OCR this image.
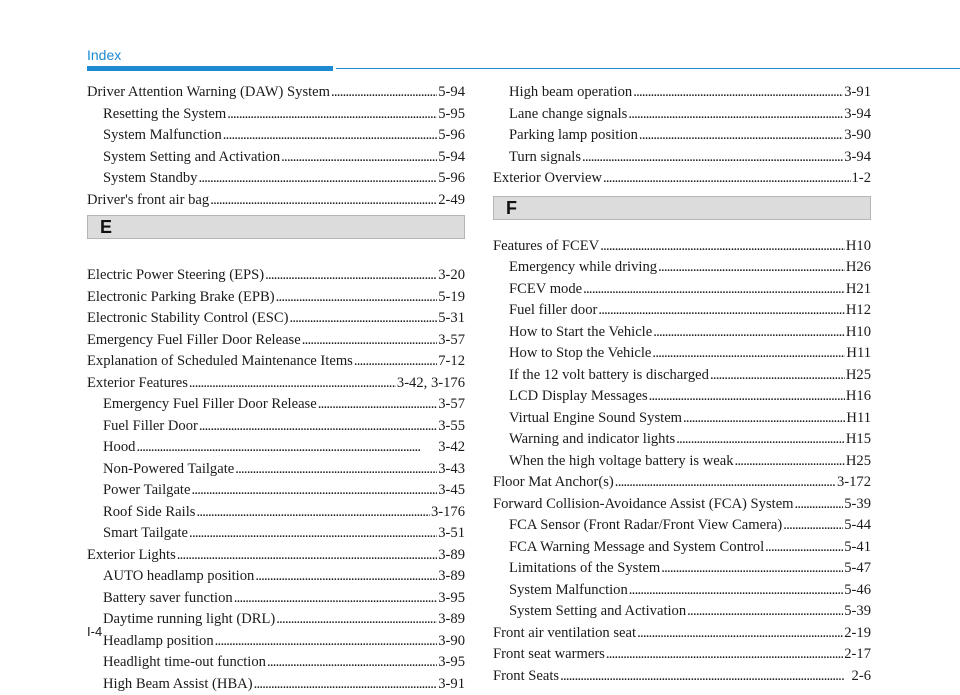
Index
Driver Attention Warning (DAW) System . . .	5-94
Resetting the System . . .	5-95
System Malfunction . . .	5-96
System Setting and Activation . . .	5-94
System Standby . . .	5-96
Driver's front air bag . . .	2-49
E
Electric Power Steering (EPS) . . .	3-20
Electronic Parking Brake (EPB) . . .	5-19
Electronic Stability Control (ESC) . . .	5-31
Emergency Fuel Filler Door Release . . .	3-57
Explanation of Scheduled Maintenance Items . . .	7-12
Exterior Features . . .	3-42, 3-176
Emergency Fuel Filler Door Release . . .	3-57
Fuel Filler Door . . .	3-55
Hood . . .	3-42
Non-Powered Tailgate . . .	3-43
Power Tailgate . . .	3-45
Roof Side Rails . . .	3-176
Smart Tailgate . . .	3-51
Exterior Lights . . .	3-89
AUTO headlamp position . . .	3-89
Battery saver function . . .	3-95
Daytime running light (DRL) . . .	3-89
Headlamp position . . .	3-90
Headlight time-out function . . .	3-95
High Beam Assist (HBA) . . .	3-91
High beam operation . . .	3-91
Lane change signals . . .	3-94
Parking lamp position . . .	3-90
Turn signals . . .	3-94
Exterior Overview . . .	1-2
F
Features of FCEV . . .	H10
Emergency while driving . . .	H26
FCEV mode . . .	H21
Fuel filler door . . .	H12
How to Start the Vehicle . . .	H10
How to Stop the Vehicle . . .	H11
If the 12 volt battery is discharged . . .	H25
LCD Display Messages . . .	H16
Virtual Engine Sound System . . .	H11
Warning and indicator lights . . .	H15
When the high voltage battery is weak . . .	H25
Floor Mat Anchor(s) . . .	3-172
Forward Collision-Avoidance Assist (FCA) System . . .	5-39
FCA Sensor (Front Radar/Front View Camera) . . .	5-44
FCA Warning Message and System Control . . .	5-41
Limitations of the System . . .	5-47
System Malfunction . . .	5-46
System Setting and Activation . . .	5-39
Front air ventilation seat . . .	2-19
Front seat warmers . . .	2-17
Front Seats . . .	2-6
I-4
